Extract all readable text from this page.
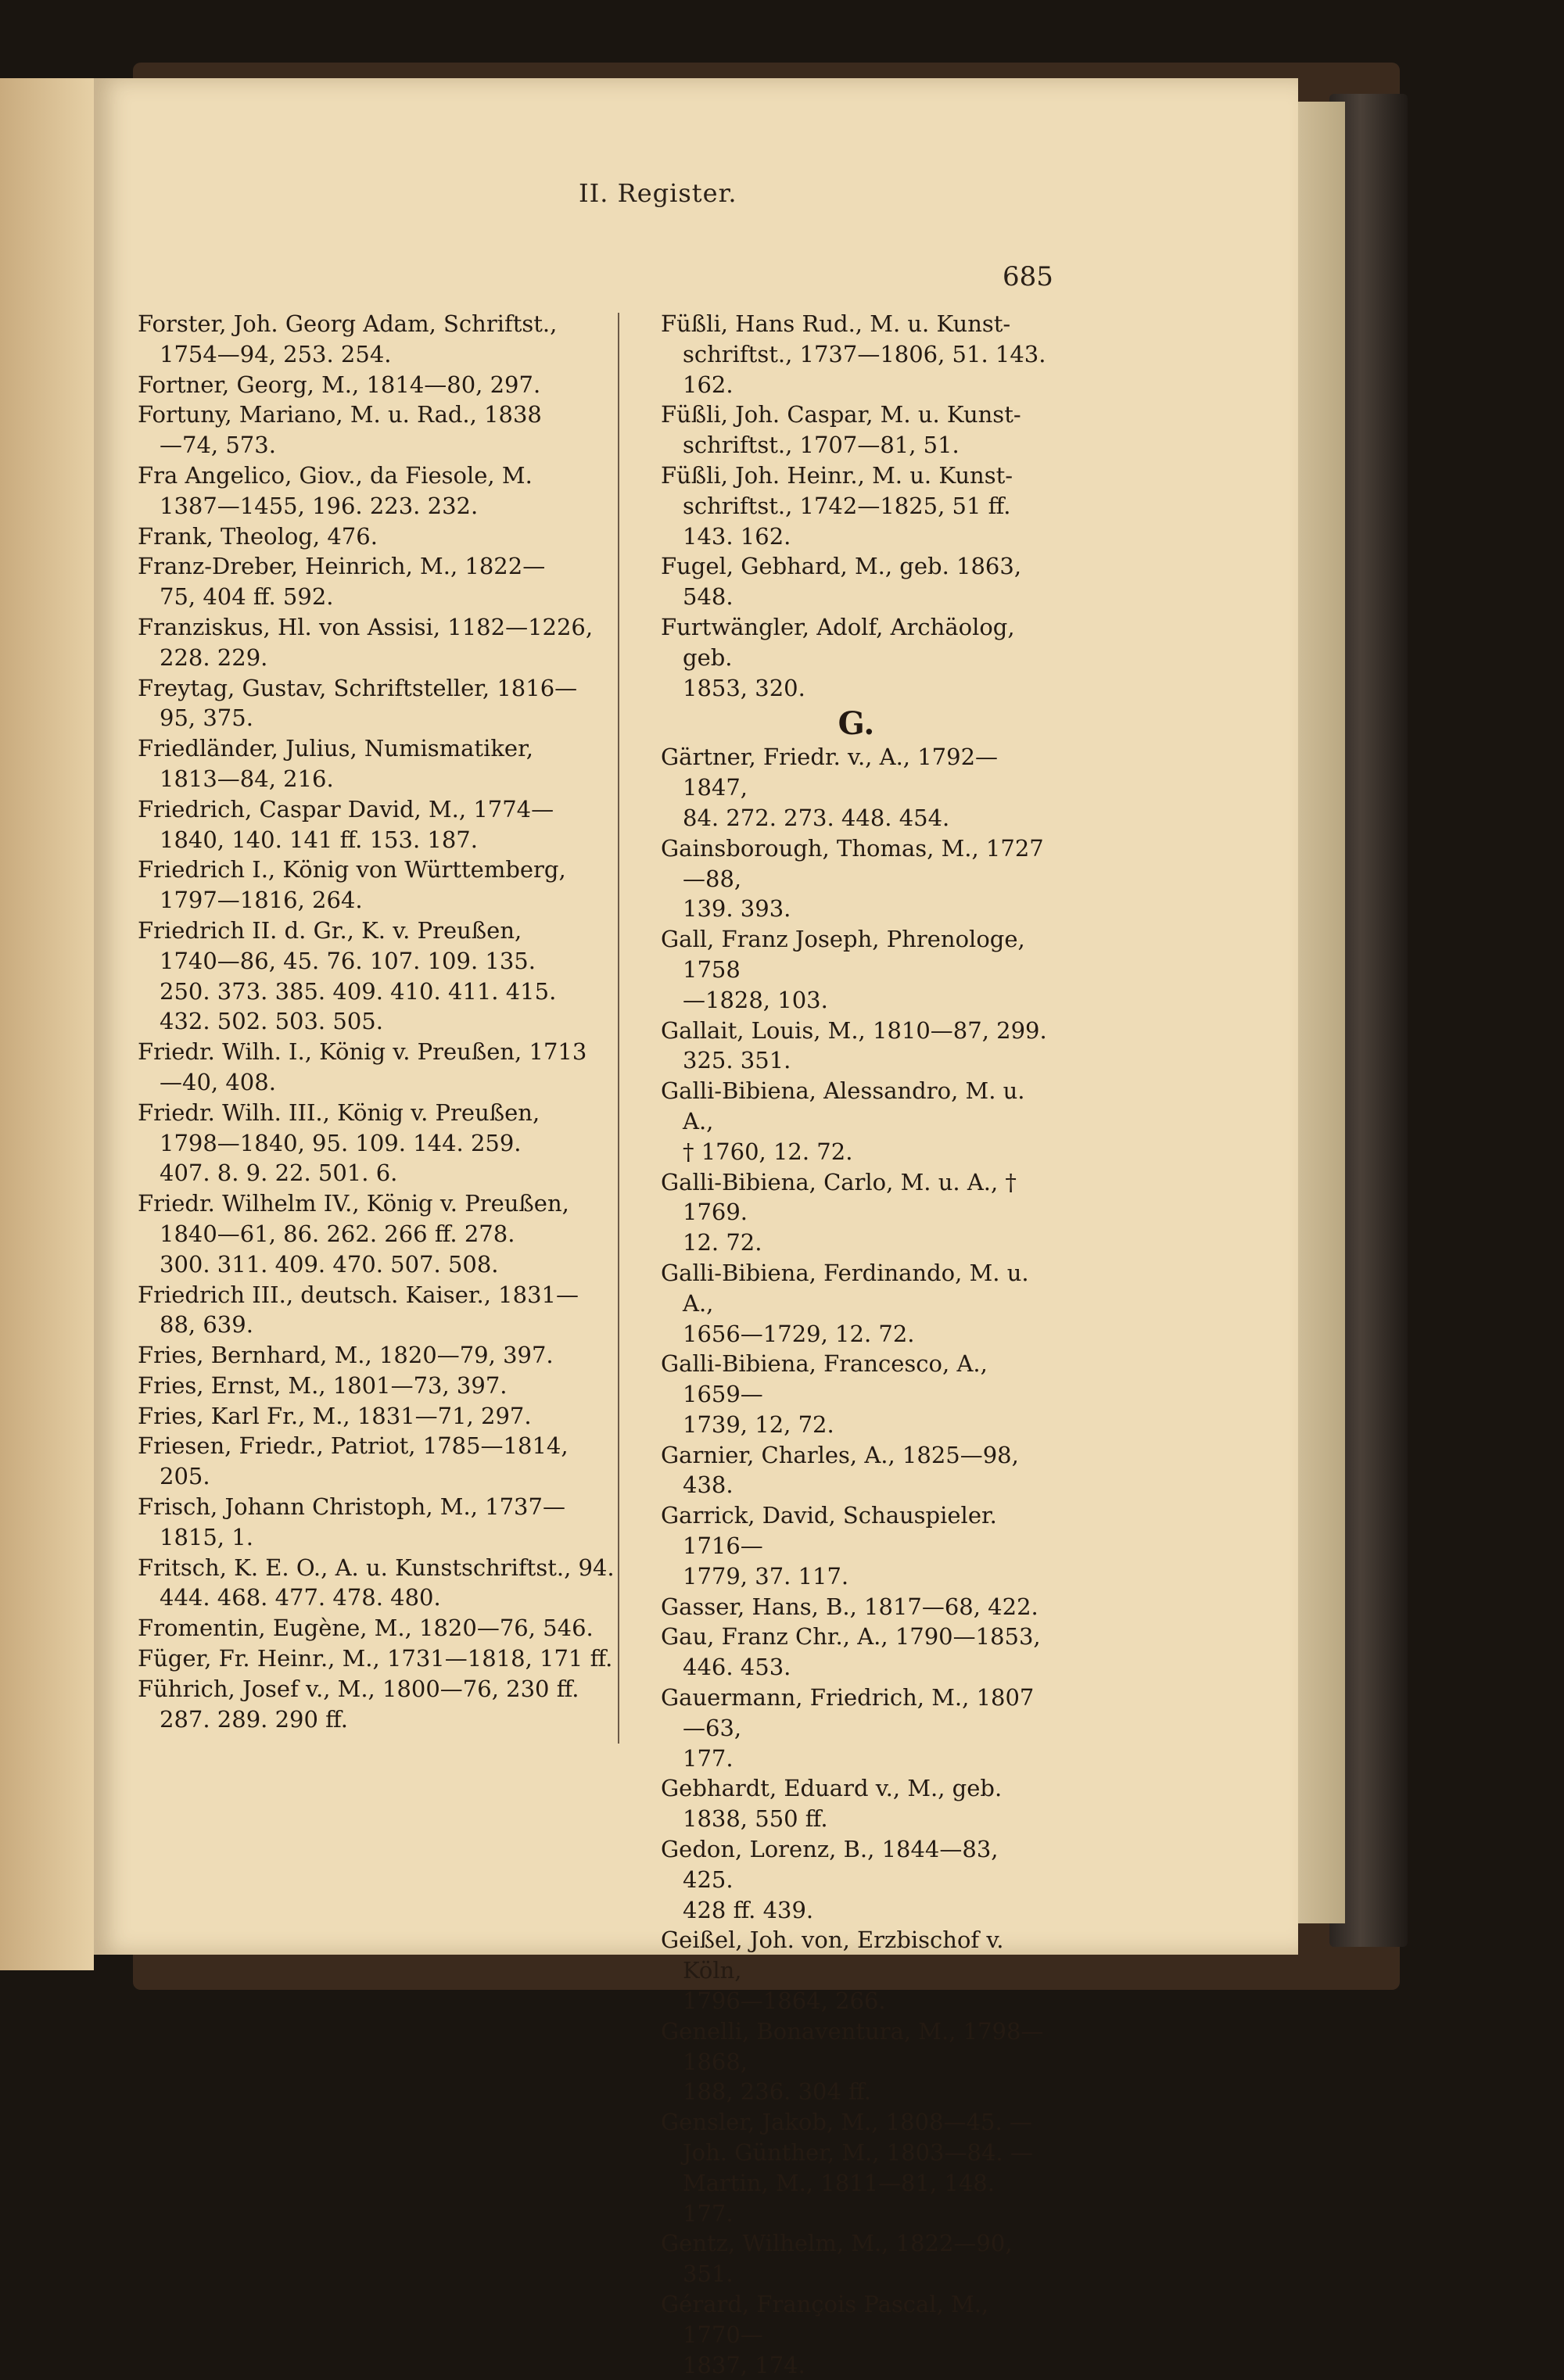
II. Register.
685
Forster, Joh. Georg Adam, Schriftst.,
1754—94, 253. 254.
Fortner, Georg, M., 1814—80, 297.
Fortuny, Mariano, M. u. Rad., 1838
—74, 573.
Fra Angelico, Giov., da Fiesole, M.
1387—1455, 196. 223. 232.
Frank, Theolog, 476.
Franz-Dreber, Heinrich, M., 1822—
75, 404 ff. 592.
Franziskus, Hl. von Assisi, 1182—1226,
228. 229.
Freytag, Gustav, Schriftsteller, 1816—
95, 375.
Friedländer, Julius, Numismatiker,
1813—84, 216.
Friedrich, Caspar David, M., 1774—
1840, 140. 141 ff. 153. 187.
Friedrich I., König von Württemberg,
1797—1816, 264.
Friedrich II. d. Gr., K. v. Preußen,
1740—86, 45. 76. 107. 109. 135.
250. 373. 385. 409. 410. 411. 415.
432. 502. 503. 505.
Friedr. Wilh. I., König v. Preußen, 1713
—40, 408.
Friedr. Wilh. III., König v. Preußen,
1798—1840, 95. 109. 144. 259.
407. 8. 9. 22. 501. 6.
Friedr. Wilhelm IV., König v. Preußen,
1840—61, 86. 262. 266 ff. 278.
300. 311. 409. 470. 507. 508.
Friedrich III., deutsch. Kaiser., 1831—
88, 639.
Fries, Bernhard, M., 1820—79, 397.
Fries, Ernst, M., 1801—73, 397.
Fries, Karl Fr., M., 1831—71, 297.
Friesen, Friedr., Patriot, 1785—1814,
205.
Frisch, Johann Christoph, M., 1737—
1815, 1.
Fritsch, K. E. O., A. u. Kunstschriftst., 94.
444. 468. 477. 478. 480.
Fromentin, Eugène, M., 1820—76, 546.
Füger, Fr. Heinr., M., 1731—1818, 171 ff.
Führich, Josef v., M., 1800—76, 230 ff.
287. 289. 290 ff.
Füßli, Hans Rud., M. u. Kunst-
schriftst., 1737—1806, 51. 143. 162.
Füßli, Joh. Caspar, M. u. Kunst-
schriftst., 1707—81, 51.
Füßli, Joh. Heinr., M. u. Kunst-
schriftst., 1742—1825, 51 ff. 143. 162.
Fugel, Gebhard, M., geb. 1863, 548.
Furtwängler, Adolf, Archäolog, geb.
1853, 320.
G.
Gärtner, Friedr. v., A., 1792—1847,
84. 272. 273. 448. 454.
Gainsborough, Thomas, M., 1727—88,
139. 393.
Gall, Franz Joseph, Phrenologe, 1758
—1828, 103.
Gallait, Louis, M., 1810—87, 299.
325. 351.
Galli-Bibiena, Alessandro, M. u. A.,
† 1760, 12. 72.
Galli-Bibiena, Carlo, M. u. A., † 1769.
12. 72.
Galli-Bibiena, Ferdinando, M. u. A.,
1656—1729, 12. 72.
Galli-Bibiena, Francesco, A., 1659—
1739, 12, 72.
Garnier, Charles, A., 1825—98, 438.
Garrick, David, Schauspieler. 1716—
1779, 37. 117.
Gasser, Hans, B., 1817—68, 422.
Gau, Franz Chr., A., 1790—1853,
446. 453.
Gauermann, Friedrich, M., 1807—63,
177.
Gebhardt, Eduard v., M., geb. 1838, 550 ff.
Gedon, Lorenz, B., 1844—83, 425.
428 ff. 439.
Geißel, Joh. von, Erzbischof v. Köln,
1796—1864, 266.
Genelli, Bonaventura, M., 1798—1868,
188, 236. 304 ff.
Gensler, Jakob, M., 1808—45. —
Joh. Günther, M., 1803—84. —
Martin, M., 1811—81, 148. 177.
Gentz, Wilhelm, M., 1822—90, 351.
Gérard, François Pascal, M., 1770—
1837, 174.
